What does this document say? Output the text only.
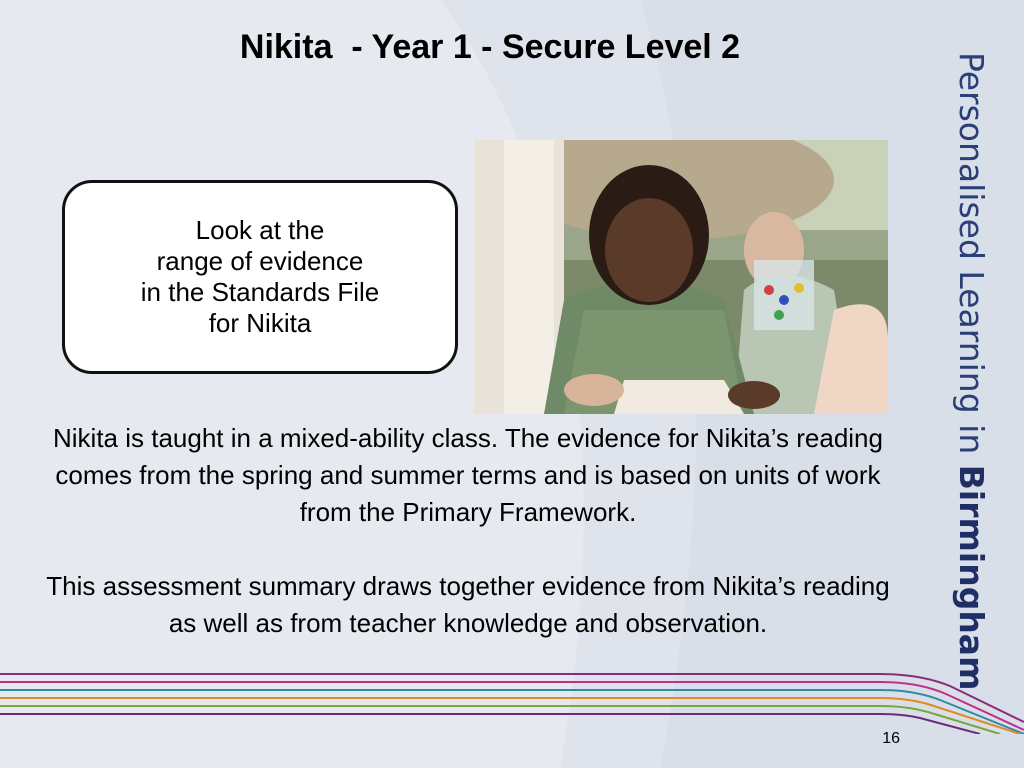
Nikita  - Year 1 - Secure Level 2
Look at the
range of evidence
in the Standards File
for Nikita
Nikita is taught in a mixed-ability class. The evidence for Nikita’s reading comes from the spring and summer terms and is based on units of work from the Primary Framework.
This assessment summary draws together evidence from Nikita’s reading as well as from teacher knowledge and observation.
Personalised Learning in Birmingham
16
